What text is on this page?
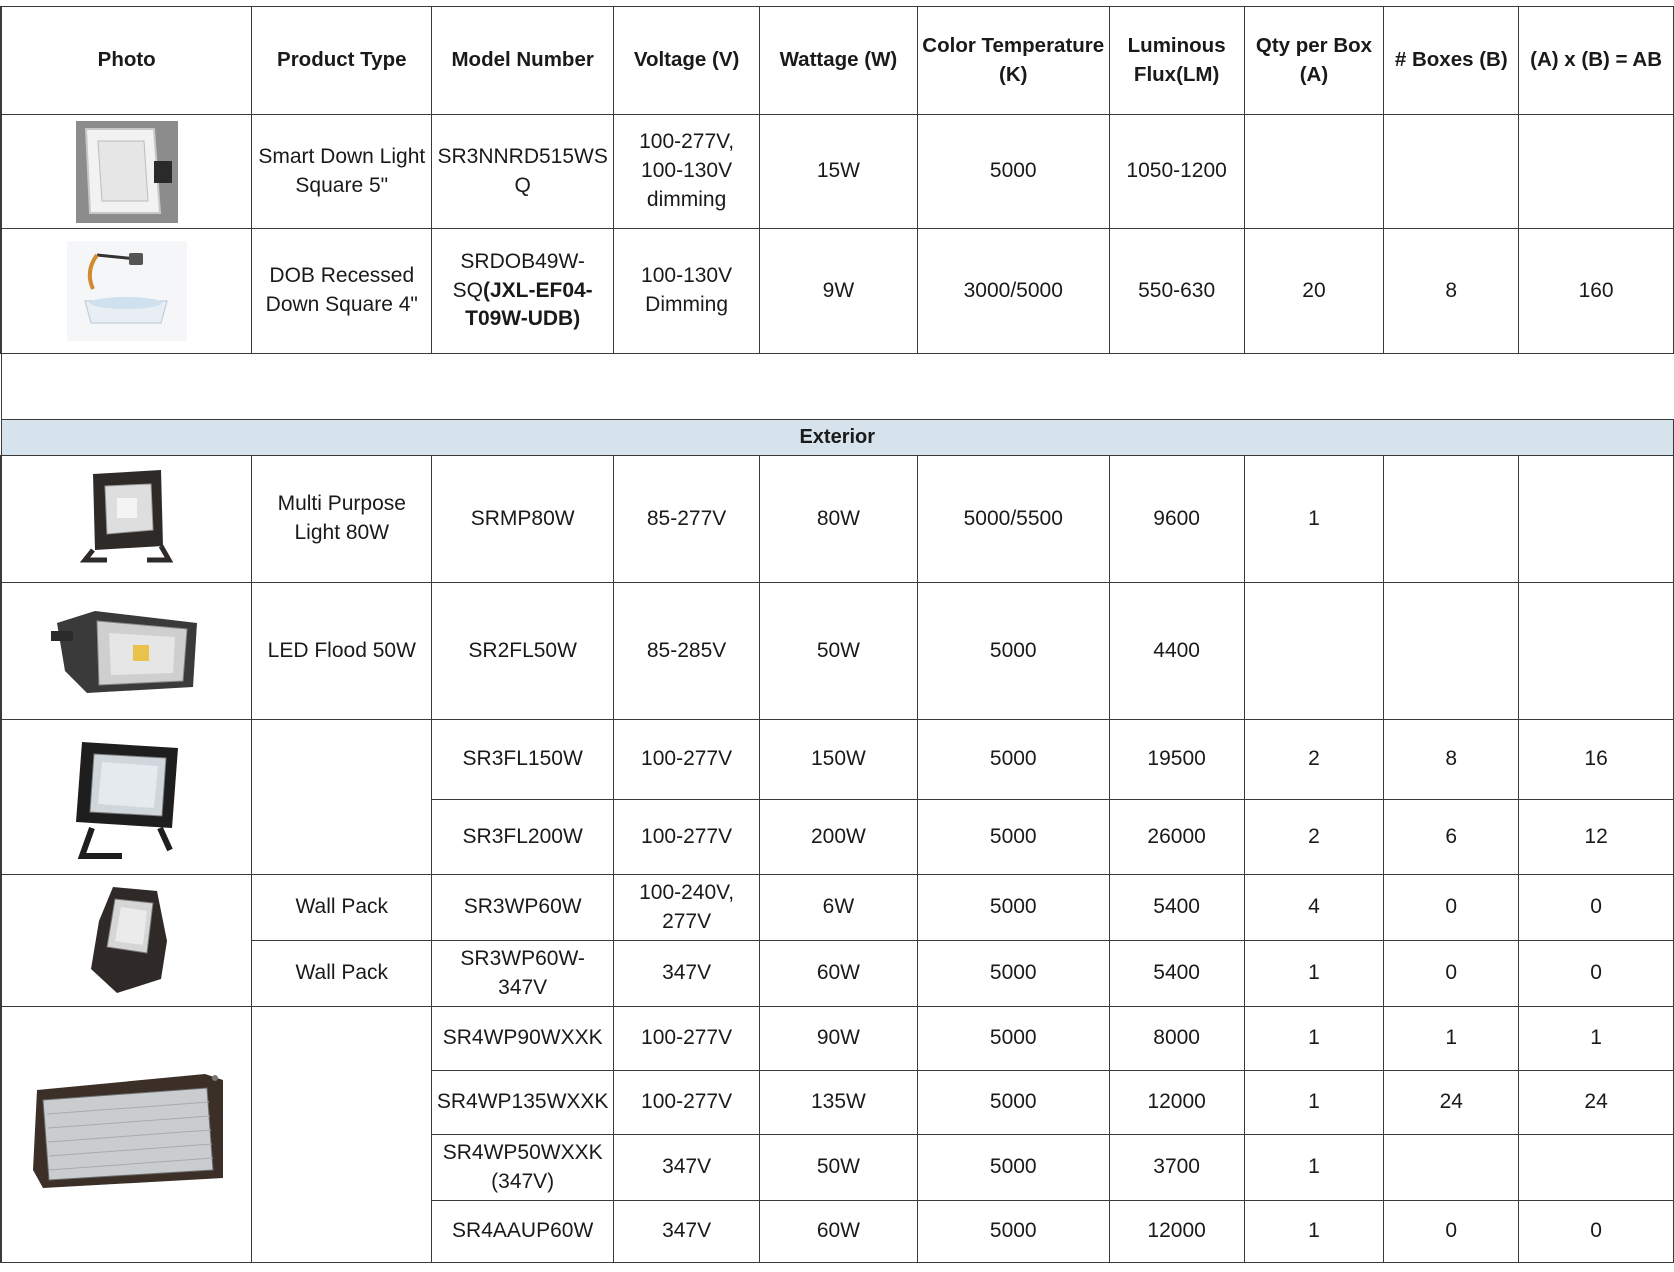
Photo	Product Type	Model Number	Voltage (V)	Wattage (W)	Color Temperature (K)	Luminous Flux(LM)	Qty per Box (A)	# Boxes (B)	(A) x (B) = AB

	Smart Down Light Square 5"	SR3NNRD515WSQ	100-277V, 100-130V dimming	15W	5000	1050-1200			

	DOB Recessed Down Square 4"	SRDOB49W-SQ(JXL-EF04-T09W-UDB)	100-130V Dimming	9W	3000/5000	550-630	20	8	160

Exterior									

	Multi Purpose Light 80W	SRMP80W	85-277V	80W	5000/5500	9600	1		

	LED Flood 50W	SR2FL50W	85-285V	50W	5000	4400			

		SR3FL150W	100-277V	150W	5000	19500	2	8	16
		SR3FL200W	100-277V	200W	5000	26000	2	6	12

	Wall Pack	SR3WP60W	100-240V, 277V	6W	5000	5400	4	0	0
	Wall Pack	SR3WP60W-347V	347V	60W	5000	5400	1	0	0

		SR4WP90WXXK	100-277V	90W	5000	8000	1	1	1
		SR4WP135WXXK	100-277V	135W	5000	12000	1	24	24
		SR4WP50WXXK (347V)	347V	50W	5000	3700	1		
		SR4AAUP60W	347V	60W	5000	12000	1	0	0
